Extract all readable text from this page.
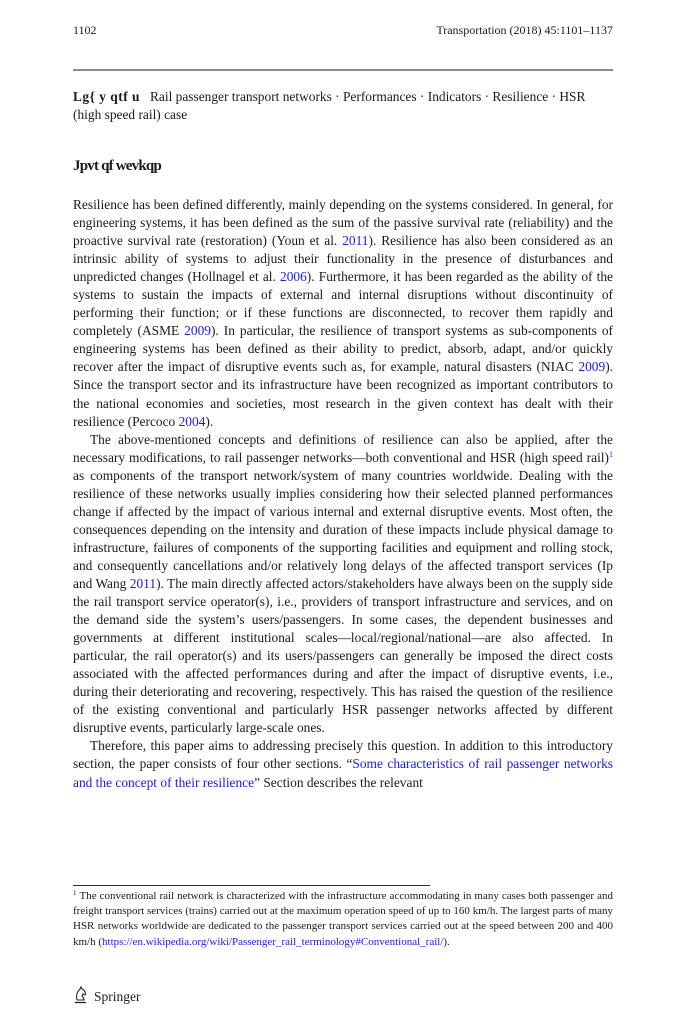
1102	Transportation (2018) 45:1101–1137
Lg{ y qtf u Rail passenger transport networks · Performances · Indicators · Resilience · HSR (high speed rail) case
Jpvt qf wevkqp

Resilience has been defined differently, mainly depending on the systems considered. In general, for engineering systems, it has been defined as the sum of the passive survival rate (reliability) and the proactive survival rate (restoration) (Youn et al. 2011). Resilience has also been considered as an intrinsic ability of systems to adjust their functionality in the presence of disturbances and unpredicted changes (Hollnagel et al. 2006). Furthermore, it has been regarded as the ability of the systems to sustain the impacts of external and internal disruptions without discontinuity of performing their function; or if these functions are disconnected, to recover them rapidly and completely (ASME 2009). In particular, the resilience of transport systems as sub-components of engineering systems has been defined as their ability to predict, absorb, adapt, and/or quickly recover after the impact of disruptive events such as, for example, natural disasters (NIAC 2009). Since the transport sector and its infrastructure have been recognized as important contributors to the national economies and societies, most research in the given context has dealt with their resilience (Percoco 2004).

The above-mentioned concepts and definitions of resilience can also be applied, after the necessary modifications, to rail passenger networks—both conventional and HSR (high speed rail)$^1$ as components of the transport network/system of many countries worldwide. Dealing with the resilience of these networks usually implies considering how their selected planned performances change if affected by the impact of various internal and external disruptive events. Most often, the consequences depending on the intensity and duration of these impacts include physical damage to infrastructure, failures of components of the supporting facilities and equipment and rolling stock, and consequently cancellations and/or relatively long delays of the affected transport services (Ip and Wang 2011). The main directly affected actors/stakeholders have always been on the supply side the rail transport service operator(s), i.e., providers of transport infrastructure and services, and on the demand side the system’s users/passengers. In some cases, the dependent businesses and governments at different institutional scales—local/regional/national—are also affected. In particular, the rail operator(s) and its users/passengers can generally be imposed the direct costs associated with the affected performances during and after the impact of disruptive events, i.e., during their deteriorating and recovering, respectively. This has raised the question of the resilience of the existing conventional and particularly HSR passenger networks affected by different disruptive events, particularly large-scale ones.

Therefore, this paper aims to addressing precisely this question. In addition to this introductory section, the paper consists of four other sections. “Some characteristics of rail passenger networks and the concept of their resilience” Section describes the relevant

$^1$ The conventional rail network is characterized with the infrastructure accommodating in many cases both passenger and freight transport services (trains) carried out at the maximum operation speed of up to 160 km/h. The largest parts of many HSR networks worldwide are dedicated to the passenger transport services carried out at the speed between 200 and 400 km/h (https://en.wikipedia.org/wiki/Passenger_rail_terminology#Conventional_rail/).
Springer
